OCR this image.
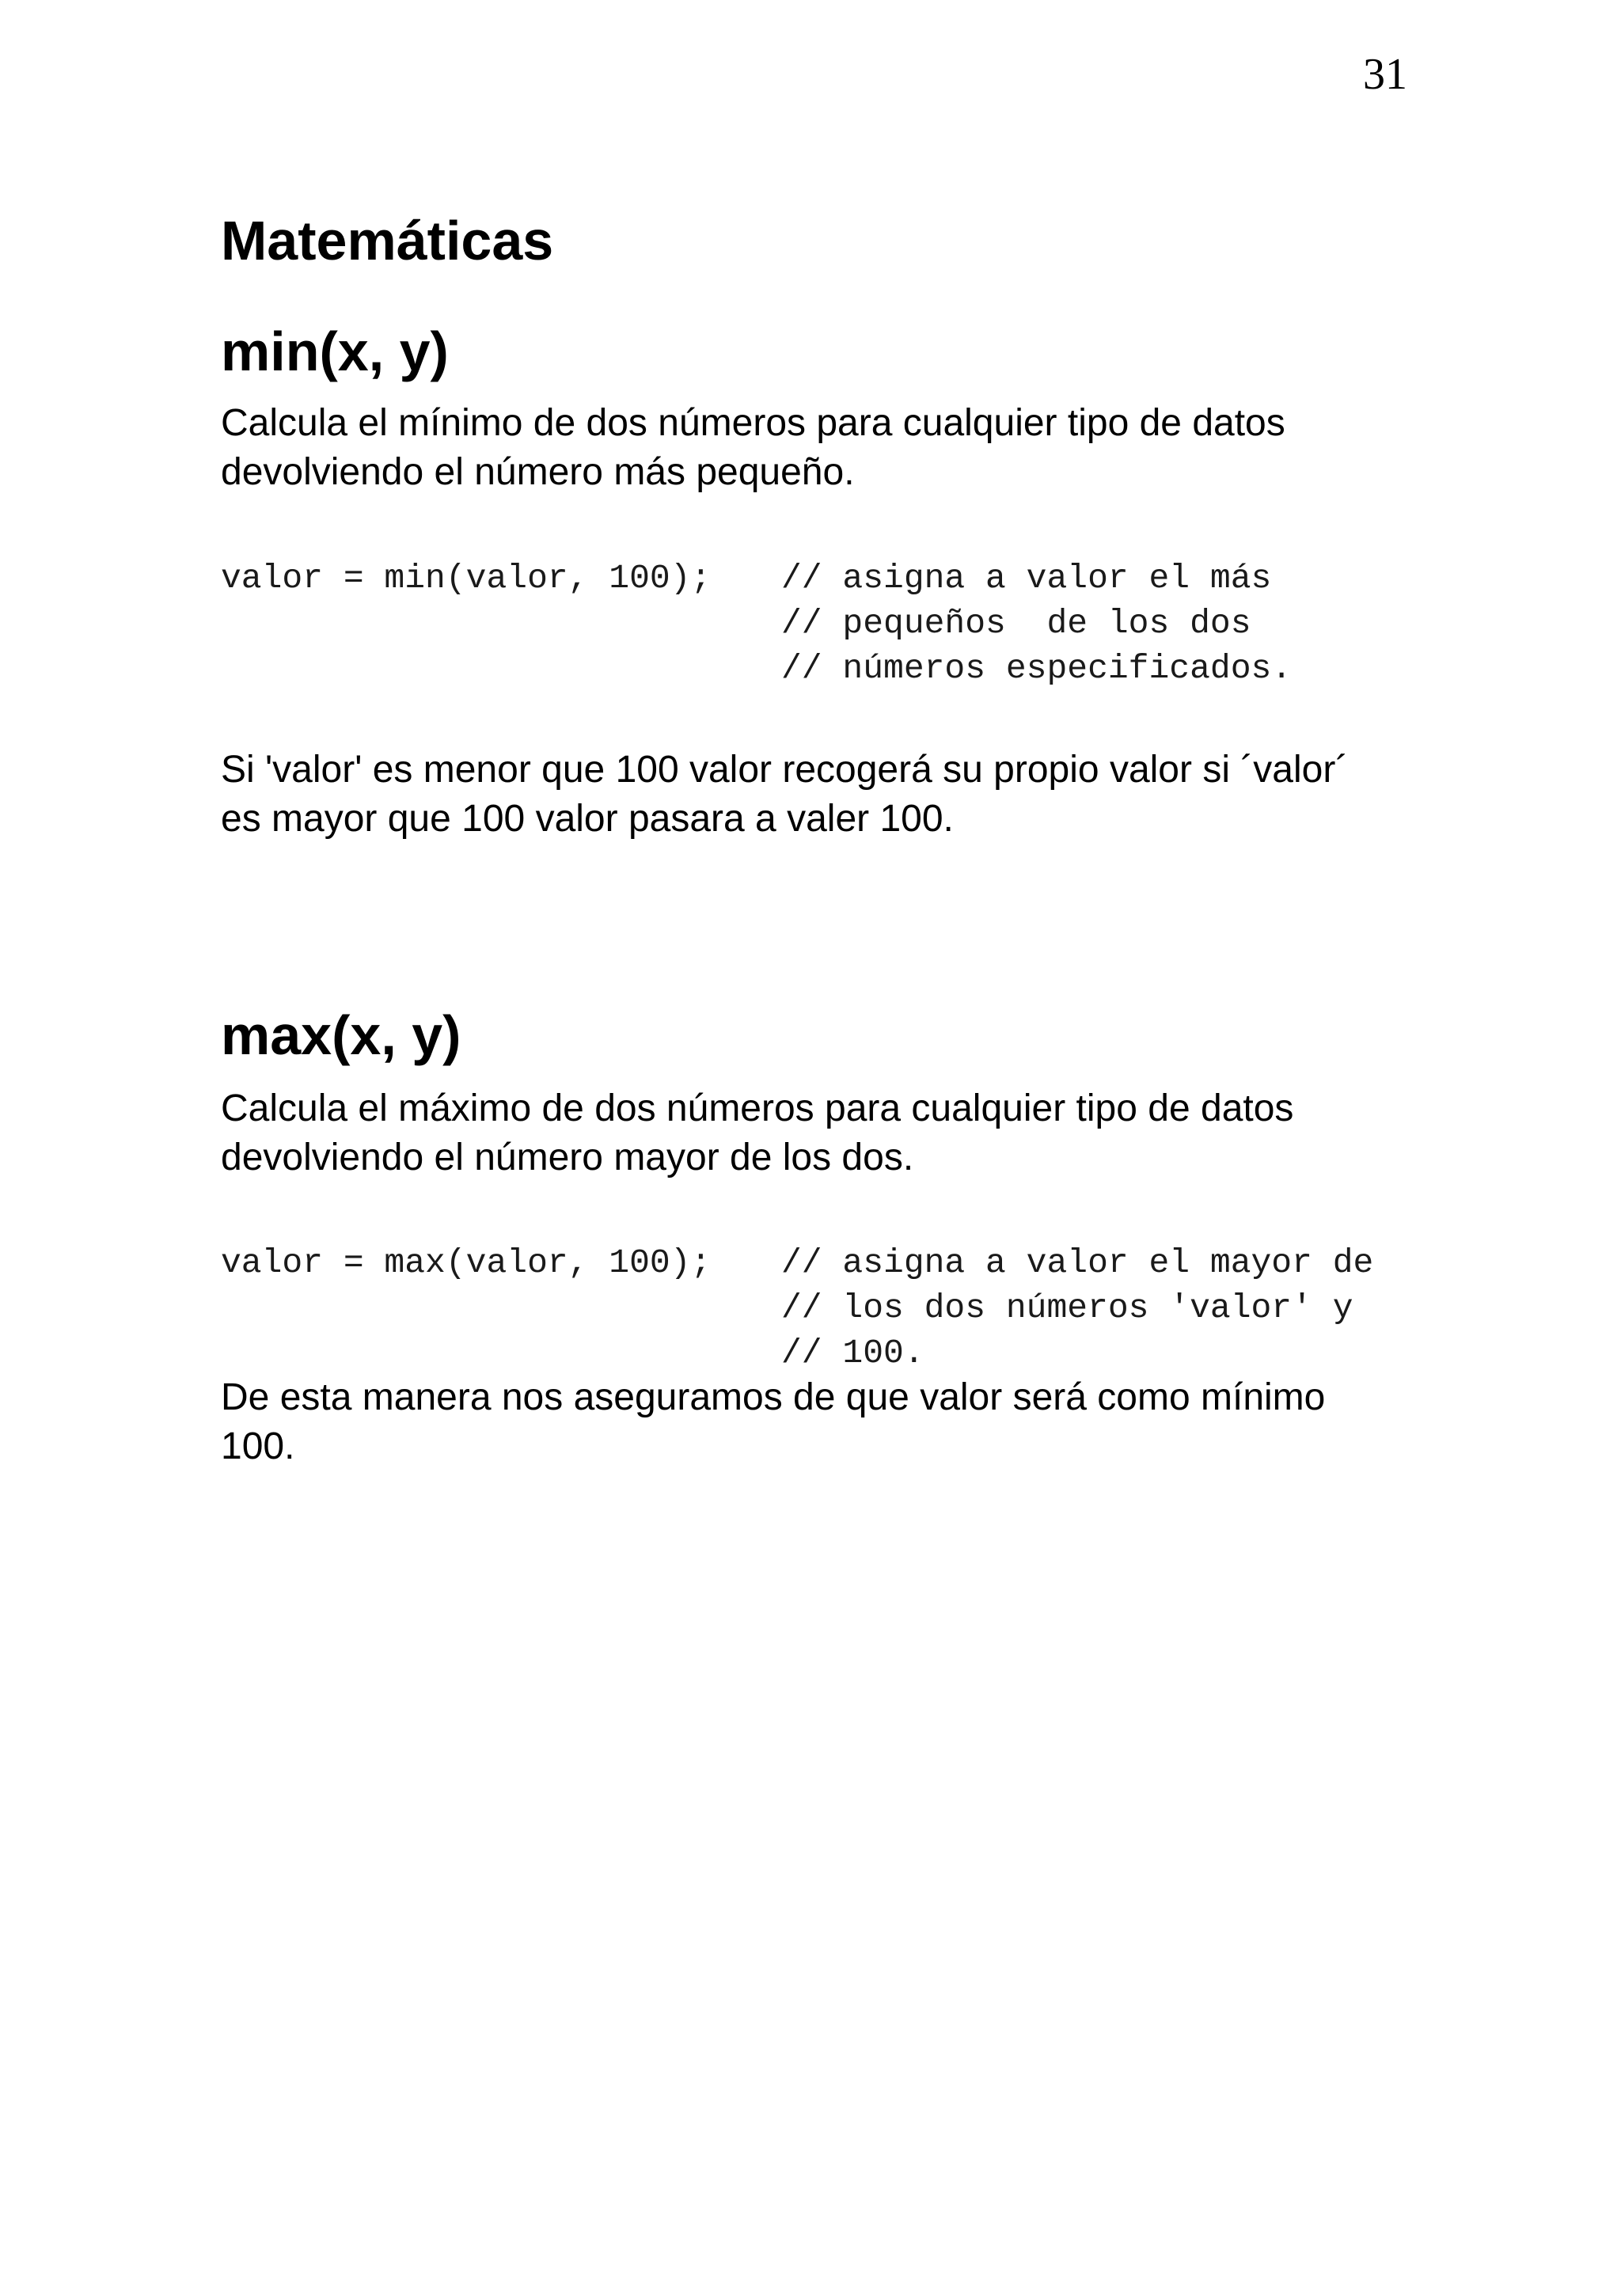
31
Matemáticas
min(x, y)

Calcula el mínimo de dos números para cualquier tipo de datos
devolviendo el número más pequeño.

valor = min(valor, 100); // asigna a valor el más
// pequeños  de los dos
// números especificados.

Si 'valor' es menor que 100 valor recogerá su propio valor si ´valor´
es mayor que 100 valor pasara a valer 100.

max(x, y)

Calcula el máximo de dos números para cualquier tipo de datos
devolviendo el número mayor de los dos.

valor = max(valor, 100); // asigna a valor el mayor de
// los dos números 'valor' y
// 100.

De esta manera nos aseguramos de que valor será como mínimo
100.
